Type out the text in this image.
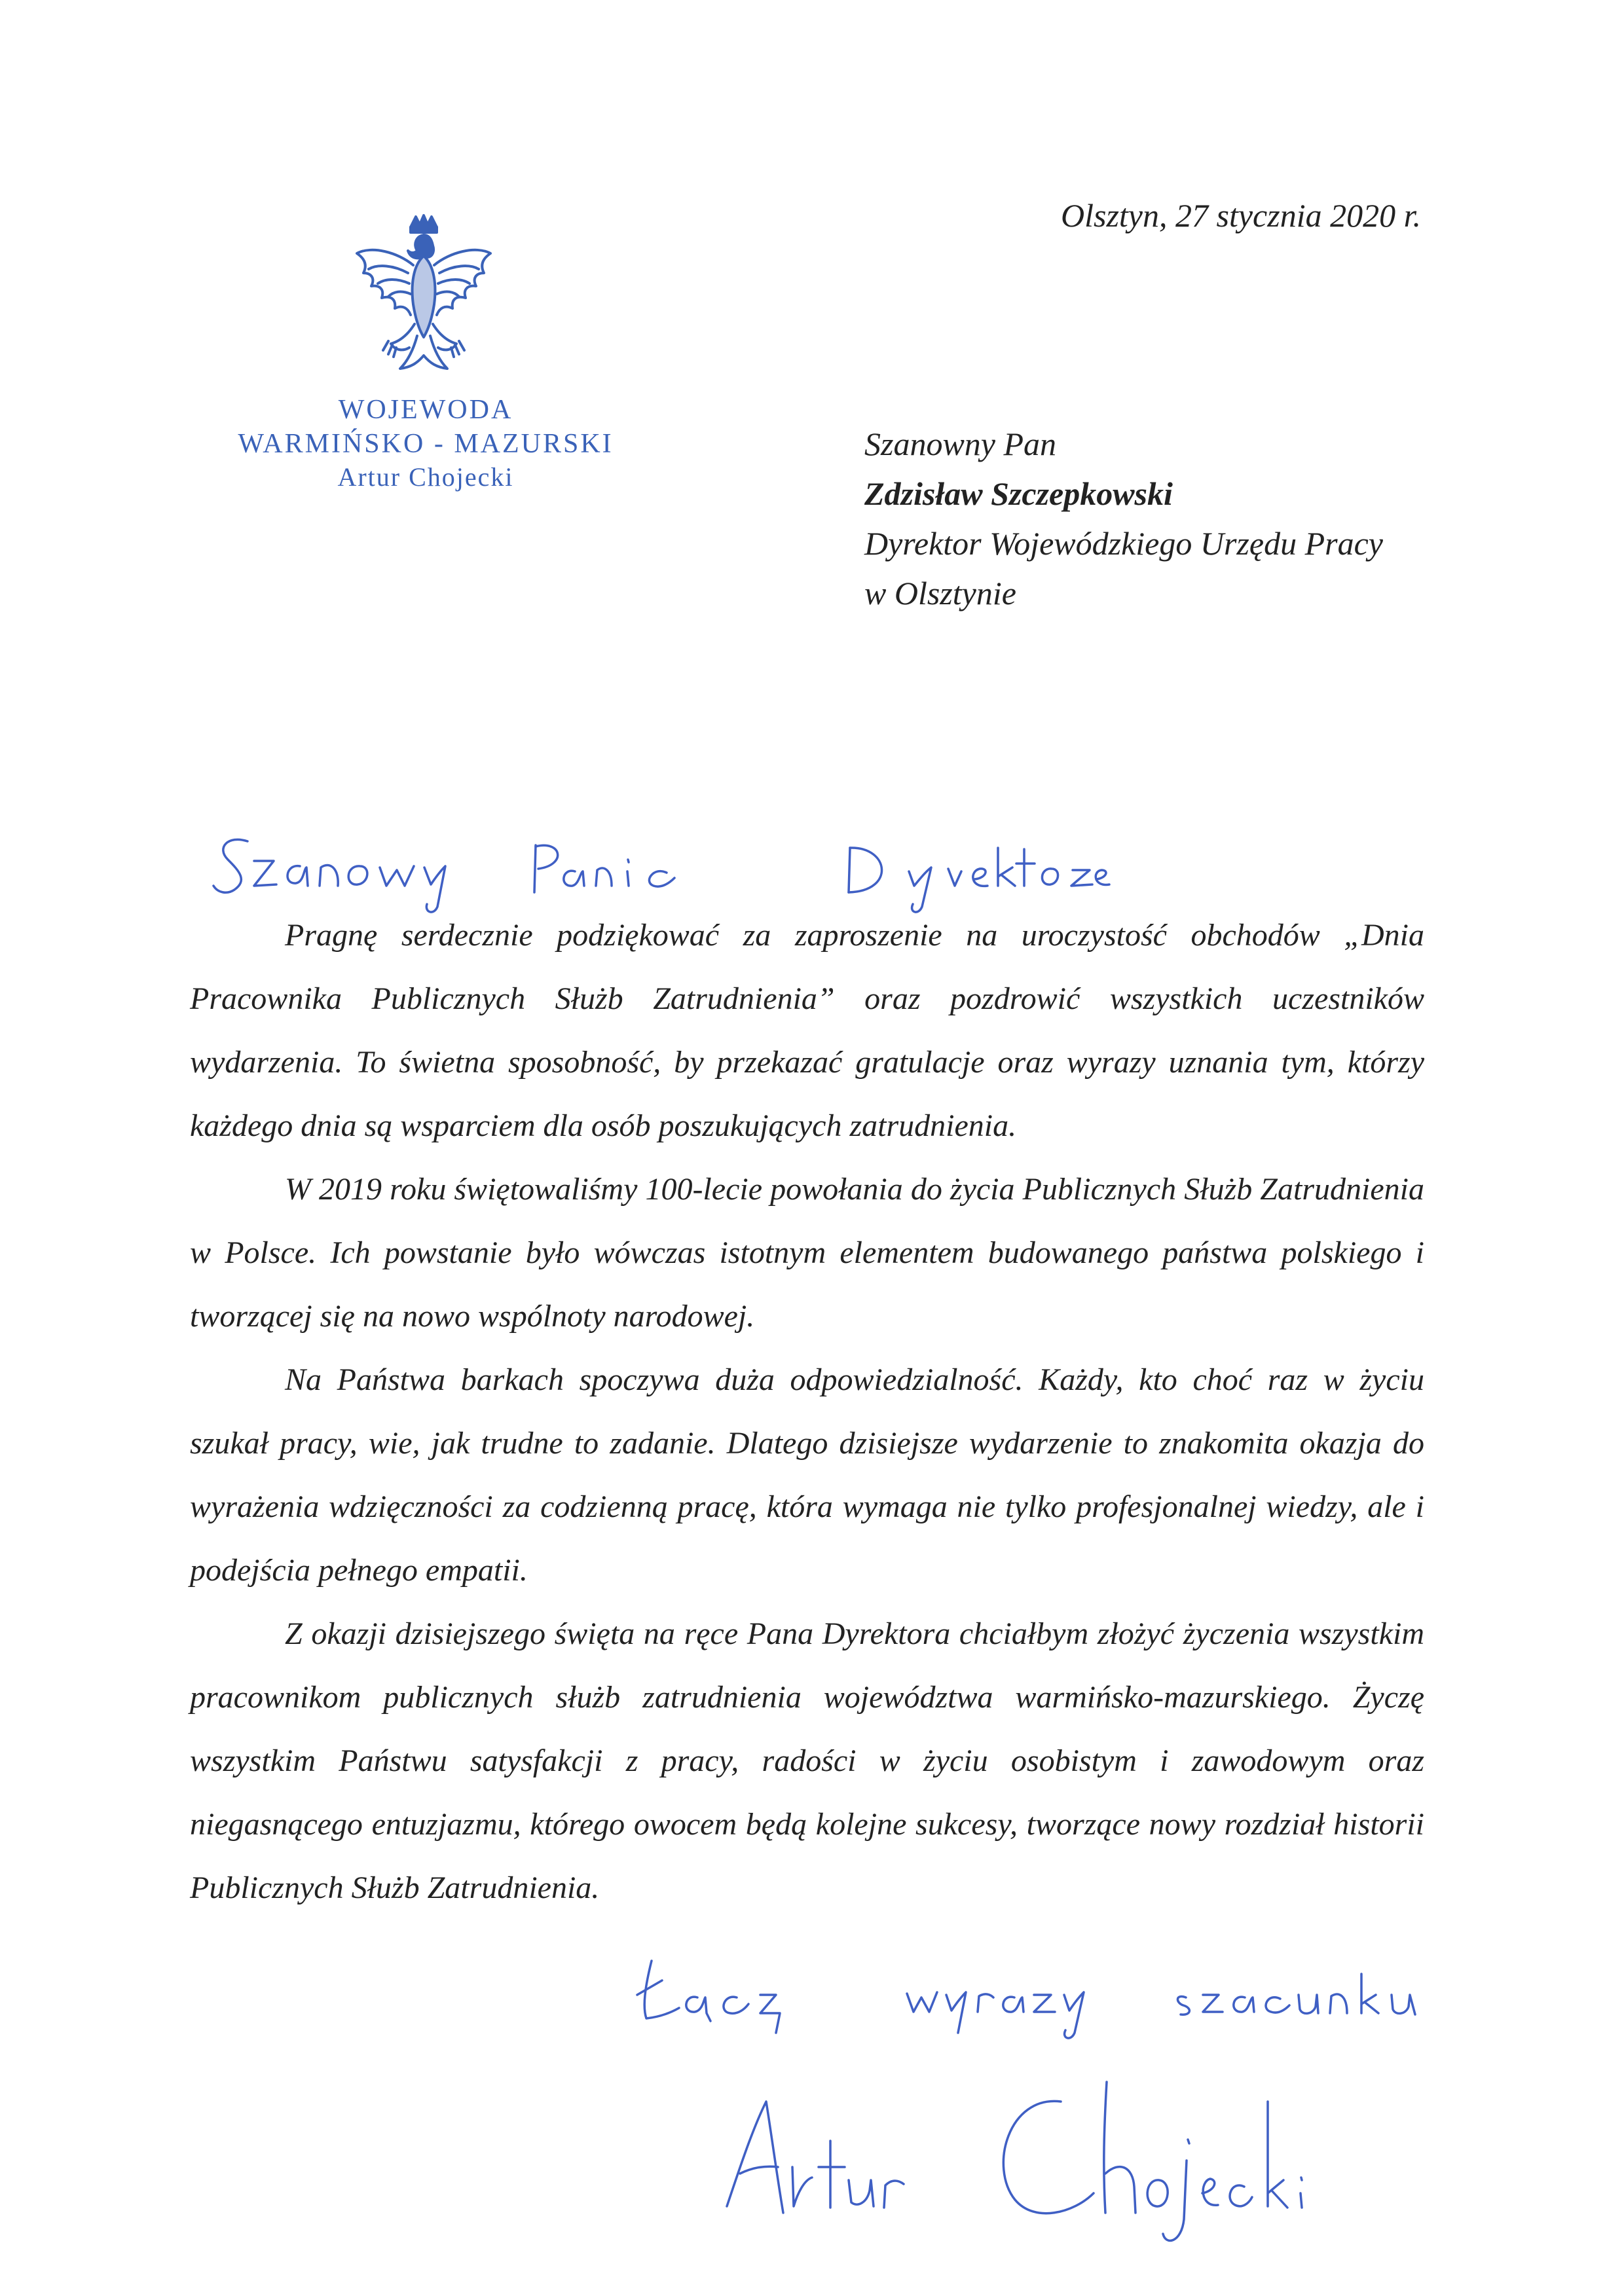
WOJEWODA
WARMIŃSKO - MAZURSKI
Artur Chojecki
Olsztyn, 27 stycznia 2020 r.
Szanowny Pan
Zdzisław Szczepkowski
Dyrektor Wojewódzkiego Urzędu Pracy
w Olsztynie

Pragnę serdecznie podziękować za zaproszenie na uroczystość obchodów „Dnia Pracownika Publicznych Służb Zatrudnienia” oraz pozdrowić wszystkich uczestników wydarzenia. To świetna sposobność, by przekazać gratulacje oraz wyrazy uznania tym, którzy każdego dnia są wsparciem dla osób poszukujących zatrudnienia.

W 2019 roku świętowaliśmy 100-lecie powołania do życia Publicznych Służb Zatrudnienia w Polsce. Ich powstanie było wówczas istotnym elementem budowanego państwa polskiego i tworzącej się na nowo wspólnoty narodowej.

Na Państwa barkach spoczywa duża odpowiedzialność. Każdy, kto choć raz w życiu szukał pracy, wie, jak trudne to zadanie. Dlatego dzisiejsze wydarzenie to znakomita okazja do wyrażenia wdzięczności za codzienną pracę, która wymaga nie tylko profesjonalnej wiedzy, ale i podejścia pełnego empatii.

Z okazji dzisiejszego święta na ręce Pana Dyrektora chciałbym złożyć życzenia wszystkim pracownikom publicznych służb zatrudnienia województwa warmińsko-mazurskiego. Życzę wszystkim Państwu satysfakcji z pracy, radości w życiu osobistym i zawodowym oraz niegasnącego entuzjazmu, którego owocem będą kolejne sukcesy, tworzące nowy rozdział historii Publicznych Służb Zatrudnienia.
